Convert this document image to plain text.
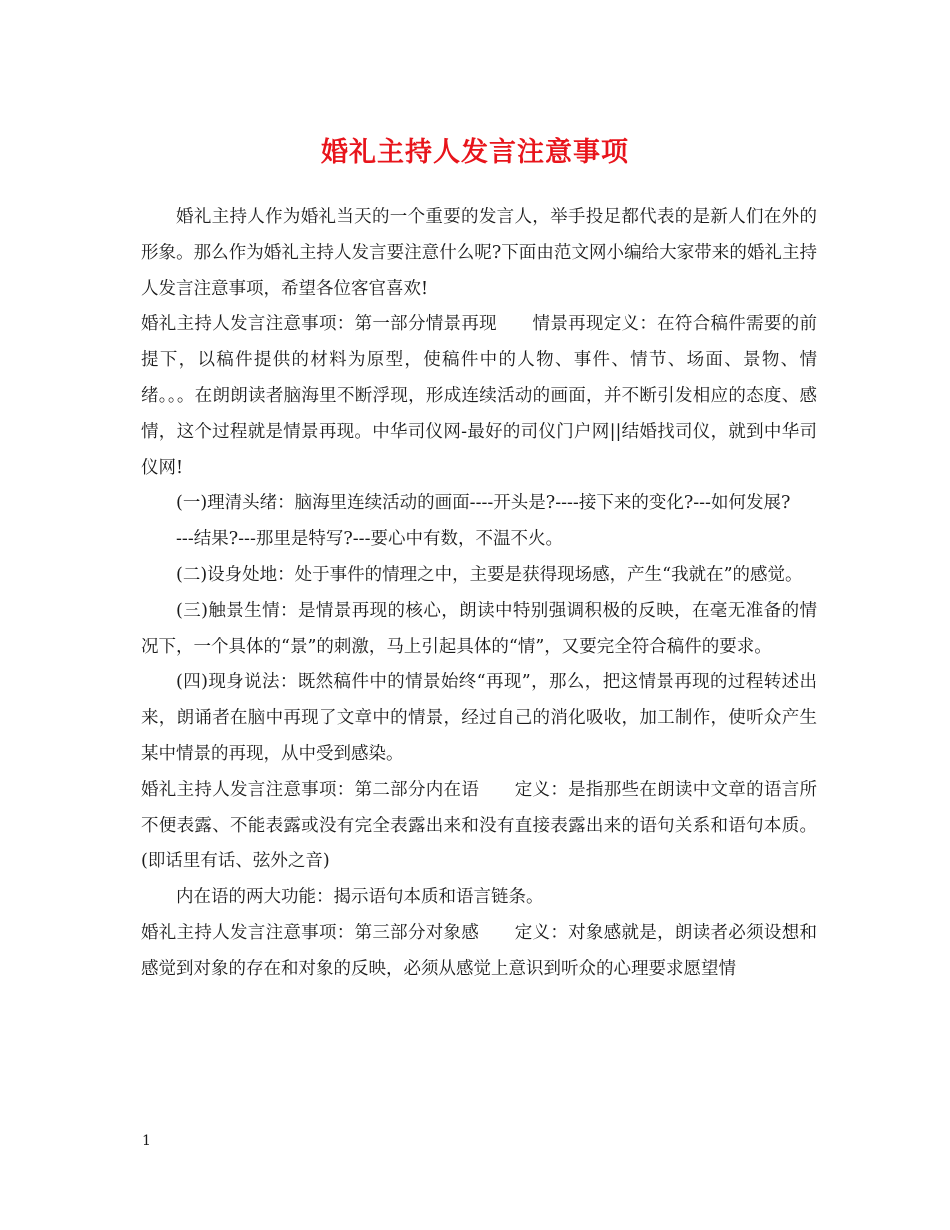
婚礼主持人发言注意事项

婚礼主持人作为婚礼当天的一个重要的发言人，举手投足都代表的是新人们在外的形象。那么作为婚礼主持人发言要注意什么呢?下面由范文网小编给大家带来的婚礼主持人发言注意事项，希望各位客官喜欢!

婚礼主持人发言注意事项：第一部分情景再现　　情景再现定义：在符合稿件需要的前提下，以稿件提供的材料为原型，使稿件中的人物、事件、情节、场面、景物、情绪。。。在朗朗读者脑海里不断浮现，形成连续活动的画面，并不断引发相应的态度、感情，这个过程就是情景再现。中华司仪网-最好的司仪门户网||结婚找司仪，就到中华司仪网!

(一)理清头绪：脑海里连续活动的画面----开头是?----接下来的变化?---如何发展?

---结果?---那里是特写?---要心中有数，不温不火。

(二)设身处地：处于事件的情理之中，主要是获得现场感，产生“我就在”的感觉。

(三)触景生情：是情景再现的核心，朗读中特别强调积极的反映，在毫无准备的情况下，一个具体的“景”的刺激，马上引起具体的“情”，又要完全符合稿件的要求。

(四)现身说法：既然稿件中的情景始终“再现”，那么，把这情景再现的过程转述出来，朗诵者在脑中再现了文章中的情景，经过自己的消化吸收，加工制作，使听众产生某中情景的再现，从中受到感染。

婚礼主持人发言注意事项：第二部分内在语　　定义：是指那些在朗读中文章的语言所不便表露、不能表露或没有完全表露出来和没有直接表露出来的语句关系和语句本质。(即话里有话、弦外之音)

内在语的两大功能：揭示语句本质和语言链条。

婚礼主持人发言注意事项：第三部分对象感　　定义：对象感就是，朗读者必须设想和感觉到对象的存在和对象的反映，必须从感觉上意识到听众的心理要求愿望情

1
